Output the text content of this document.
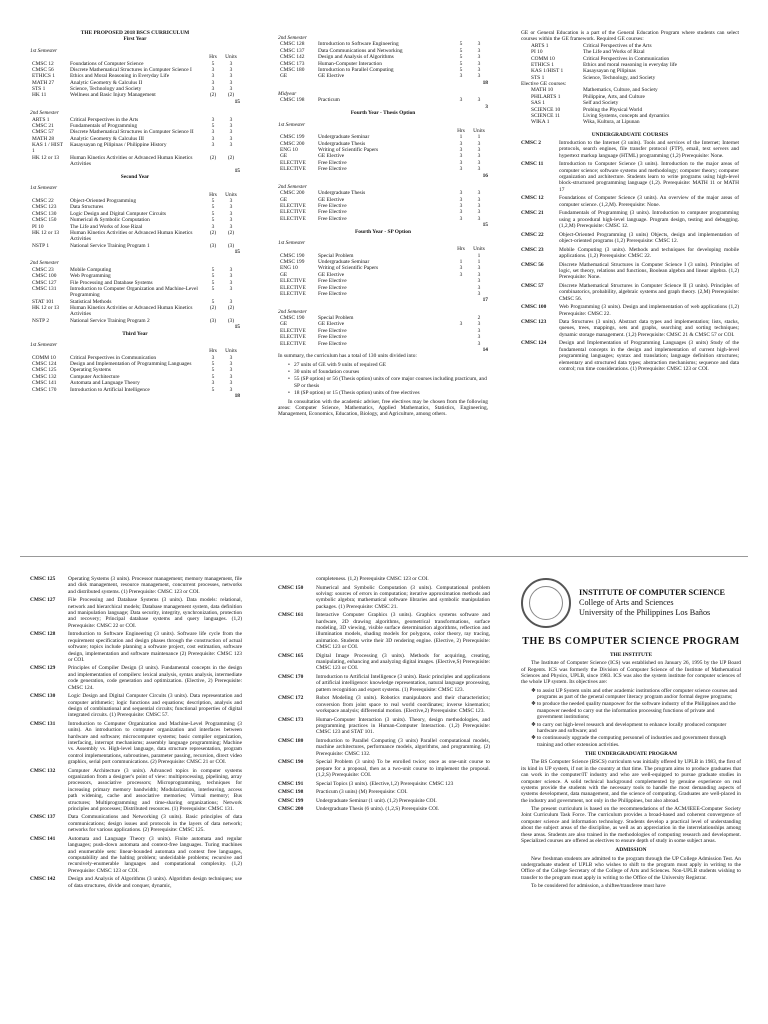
THE PROPOSED 2018 BSCS CURRICULUM
First Year
1st Semester
		Hrs	Units
CMSC 12	Foundations of Computer Science	5	3
CMSC 56	Discrete Mathematical Structures in Computer Science I	3	3
ETHICS 1	Ethics and Moral Reasoning in Everyday Life	3	3
MATH 27	Analytic Geometry & Calculus II	3	3
STS 1	Science, Technology and Society	3	3
HK 11	Wellness and Basic Injury Management	(2)	(2)
15
2nd Semester
ARTS 1	Critical Perspectives in the Arts	3	3
CMSC 21	Fundamentals of Programming	5	3
CMSC 57	Discrete Mathematical Structures in Computer Science II	3	3
MATH 28	Analytic Geometry & Calculus III	3	3
KAS 1 / HIST 1	Kasaysayan ng Pilipinas / Philippine History	3	3
HK 12 or 13	Human Kinetics Activities or Advanced Human Kinetics Activities	(2)	(2)
15
Second Year
1st Semester
		Hrs	Units
CMSC 22	Object-Oriented Programming	5	3
CMSC 123	Data Structures	5	3
CMSC 130	Logic Design and Digital Computer Circuits	5	3
CMSC 150	Numerical & Symbolic Computation	5	3
PI 10	The Life and Works of Jose Rizal	3	3
HK 12 or 13	Human Kinetics Activities or Advanced Human Kinetics Activities	(2)	(2)
NSTP 1	National Service Training Program 1	(3)	(3)
15
2nd Semester
CMSC 23	Mobile Computing	5	3
CMSC 100	Web Programming	5	3
CMSC 127	File Processing and Database Systems	5	3
CMSC 131	Introduction to Computer Organization and Machine-Level Programming	5	3
STAT 101	Statistical Methods	5	3
HK 12 or 13	Human Kinetics Activities or Advanced Human Kinetics Activities	(2)	(2)
NSTP 2	National Service Training Program 2	(3)	(3)
15
Third Year
1st Semester
		Hrs	Units
COMM 10	Critical Perspectives in Communication	3	3
CMSC 124	Design and Implementation of Programming Languages	5	3
CMSC 125	Operating Systems	5	3
CMSC 132	Computer Architecture	5	3
CMSC 141	Automata and Language Theory	3	3
CMSC 170	Introduction to Artificial Intelligence	5	3
18
2nd Semester
CMSC 128	Introduction to Software Engineering	5	3
CMSC 137	Data Communications and Networking	5	3
CMSC 142	Design and Analysis of Algorithms	5	3
CMSC 173	Human-Computer Interaction	5	3
CMSC 180	Introduction to Parallel Computing	5	3
GE	GE Elective	3	3
18
Midyear
CMSC 198	Practicum	3	3
3
Fourth Year - Thesis Option
1st Semester
		Hrs	Units
CMSC 199	Undergraduate Seminar	1	1
CMSC 200	Undergraduate Thesis	3	3
ENG 10	Writing of Scientific Papers	3	3
GE	GE Elective	3	3
ELECTIVE	Free Elective	3	3
ELECTIVE	Free Elective	3	3
16
2nd Semester
CMSC 200	Undergraduate Thesis	3	3
GE	GE Elective	3	3
ELECTIVE	Free Elective	3	3
ELECTIVE	Free Elective	3	3
ELECTIVE	Free Elective	3	3
15
Fourth Year - SP Option
1st Semester
		Hrs	Units
CMSC 190	Special Problem		1
CMSC 199	Undergraduate Seminar	1	1
ENG 10	Writing of Scientific Papers	3	3
GE	GE Elective	3	3
ELECTIVE	Free Elective		3
ELECTIVE	Free Elective		3
ELECTIVE	Free Elective		3
17
2nd Semester
CMSC 190	Special Problem		2
GE	GE Elective	3	3
ELECTIVE	Free Elective		3
ELECTIVE	Free Elective		3
ELECTIVE	Free Elective		3
14
In summary, the curriculum has a total of 130 units divided into:
• 27 units of GE with 9 units of required GE
• 30 units of foundation courses
• 55 (SP option) or 56 (Thesis option) units of core major courses including practicum, and SP or thesis
• 18 (SP option) or 15 (Thesis option) units of free electives

In consultation with the academic adviser, free electives may be chosen from the following areas: Computer Science, Mathematics, Applied Mathematics, Statistics, Engineering, Management, Economics, Education, Biology, and Agriculture, among others.

GE or General Education is a part of the General Education Program where students can select courses within the GE framework. Required GE courses:
ARTS 1	Critical Perspectives of the Arts
PI 10	The Life and Works of Rizal
COMM 10	Critical Perspectives in Communication
ETHICS 1	Ethics and moral reasoning in everyday life
KAS 1/HIST 1	Kasaysayan ng Pilipinas
STS 1	Science, Technology, and Society
Elective GE courses:
MATH 10	Mathematics, Culture, and Society
PHILARTS 1	Philippine, Arts, and Culture
SAS 1	Self and Society
SCIENCE 10	Probing the Physical World
SCIENCE 11	Living Systems, concepts and dynamics
WIKA 1	Wika, Kultura, at Lipunan
UNDERGRADUATE COURSES
CMSC 2	Introduction to the Internet (3 units). Tools and services of the Internet; Internet protocols, search engines, file transfer protocol (FTP), email, text servers and hypertext markup language (HTML) programming (1,2) Prerequisite: None.
CMSC 11	Introduction to Computer Science (3 units). Introduction to the major areas of computer science; software systems and methodology; computer theory; computer organization and architecture. Students learn to write programs using high-level block-structured programming language (1,2). Prerequisite: MATH 11 or MATH 17
CMSC 12	Foundations of Computer Science (3 units). An overview of the major areas of computer science. (1,2,M). Prerequisite: None.
CMSC 21	Fundamentals of Programming (3 units). Introduction to computer programming using a procedural high-level language. Program design, testing and debugging. (1,2,M) Prerequisite: CMSC 12.
CMSC 22	Object-Oriented Programming (3 units) Objects, design and implementation of object-oriented programs (1,2) Prerequisite: CMSC 12.
CMSC 23	Mobile Computing (3 units). Methods and techniques for developing mobile applications. (1,2) Prerequisite: CMSC 22.
CMSC 56	Discrete Mathematical Structures in Computer Science I (3 units). Principles of logic, set theory, relations and functions, Boolean algebra and linear algebra. (1,2) Prerequisite: None.
CMSC 57	Discrete Mathematical Structures in Computer Science II (3 units). Principles of combinatorics, probability, algebraic systems and graph theory. (2,M) Prerequisite: CMSC 56.
CMSC 100	Web Programming (3 units). Design and implementation of web applications (1,2) Prerequisite: CMSC 22.
CMSC 123	Data Structures (3 units). Abstract data types and implementation; lists, stacks, queues, trees, mappings, sets and graphs, searching and sorting techniques; dynamic storage management. (1,2) Prerequisite: CMSC 21 & CMSC 57 or COI.
CMSC 124	Design and Implementation of Programming Languages (3 units) Study of the fundamental concepts in the design and implementation of current high-level programming languages; syntax and translation; language definition structures; elementary and structured data types; abstraction mechanisms; sequence and data control; run time considerations. (1) Prerequisite: CMSC 123 or COI.
CMSC 125	Operating Systems (3 units). Processor management; memory management, file and disk management, resource management, concurrent processes, networks and distributed systems. (1) Prerequisite: CMSC 123 or COI.
CMSC 127	File Processing and Database Systems (3 units). Data models: relational, network and hierarchical models; Database management system, data definition and manipulation language; Data security, integrity, synchronization, protection and recovery; Principal database systems and query languages. (1,2) Prerequisite: CMSC 22 or COI.
CMSC 128	Introduction to Software Engineering (3 units). Software life cycle from the requirement specification and design phases through the construction of actual software; topics include planning a software project, cost estimation, software design, implementation and software maintenance (2) Prerequisite: CMSC 123 or COI.
CMSC 129	Principles of Compiler Design (3 units). Fundamental concepts in the design and implementation of compilers: lexical analysis, syntax analysis, intermediate code generation, code generation and optimization. (Elective, 2) Prerequisite: CMSC 124.
CMSC 130	Logic Design and Digital Computer Circuits (3 units). Data representation and computer arithmetic; logic functions and equations; description, analysis and design of combinational and sequential circuits; functional properties of digital integrated circuits. (1) Prerequisite: CMSC 57.
CMSC 131	Introduction to Computer Organization and Machine-Level Programming (3 units). An introduction to computer organization and interfaces between hardware and software; microcomputer systems; basic compiler organization, interfacing, interrupt mechanisms; assembly language programming; Machine vs. Assembly vs. High-level language, data structure representation, program control implementations, subroutines, parameter passing, recursion, direct video graphics, serial port communications. (2) Prerequisite: CMSC 21 or COI.
CMSC 132	Computer Architecture (3 units). Advanced topics in computer systems organization from a designer's point of view: multiprocessing, pipelining, array processors, associative processors; Microprogramming, techniques for increasing primary memory bandwidth; Modularization, interleaving, access path widening, cache and associative memories; Virtual memory; Bus structures; Multiprogramming and time-sharing organizations; Network principles and processes; Distributed resources. (1) Prerequisite: CMSC 131.
CMSC 137	Data Communications and Networking (3 units). Basic principles of data communications; design issues and protocols in the layers of data network; networks for various applications. (2) Prerequisite: CMSC 125.
CMSC 141	Automata and Language Theory (3 units). Finite automata and regular languages; push-down automata and context-free languages. Turing machines and enumerable sets: linear-bounded automata and context free languages, computability and the halting problem; undecidable problems; recursive and recursively-enumerable languages and computational complexity. (1,2) Prerequisite: CMSC 123 or COI.
CMSC 142	Design and Analysis of Algorithms (3 units). Algorithm design techniques; use of data structures, divide and conquer, dynamic,
completeness. (1,2) Prerequisite CMSC 123 or COI.
CMSC 150	Numerical and Symbolic Computation (3 units). Computational problem solving: sources of errors in computation; iterative approximation methods and symbolic algebra; mathematical software libraries and symbolic manipulation packages. (1) Prerequisite: CMSC 21.
CMSC 161	Interactive Computer Graphics (3 units). Graphics systems software and hardware, 2D drawing algorithms, geometrical transformations, surface modeling, 3D viewing, visible surface determination algorithms, reflection and illumination models, shading models for polygons, color theory, ray tracing, animation. Students write their 3D rendering engine. (Elective, 2) Prerequisite: CMSC 123 or COI.
CMSC 165	Digital Image Processing (3 units). Methods for acquiring, creating, manipulating, enhancing and analyzing digital images. (Elective,S) Prerequisite: CMSC 123 or COI.
CMSC 170	Introduction to Artificial Intelligence (3 units). Basic principles and applications of artificial intelligence: knowledge representation, natural language processing, pattern recognition and expert systems. (1) Prerequisite: CMSC 123.
CMSC 172	Robot Modeling (3 units). Robotics manipulators and their characteristics; conversion from joint space to real world coordinates; inverse kinematics; workspace analysis; differential motion. (Elective,2) Prerequisite: CMSC 123.
CMSC 173	Human-Computer Interaction (3 units). Theory, design methodologies, and programming practices in Human-Computer Interaction. (1,2) Prerequisite: CMSC 123 and STAT 101.
CMSC 180	Introduction to Parallel Computing (3 units) Parallel computational models, machine architectures, performance models, algorithms, and programming. (2) Prerequisite: CMSC 132.
CMSC 190	Special Problem (3 units) To be enrolled twice; once as one-unit course to prepare for a proposal, then as a two-unit course to implement the proposal. (1,2,S) Prerequisite: COI.
CMSC 191	Special Topics (3 units). (Elective,1,2) Prerequisite: CMSC 123
CMSC 198	Practicum (3 units) (M) Prerequisite: COI.
CMSC 199	Undergraduate Seminar (1 unit). (1,2) Prerequisite COI.
CMSC 200	Undergraduate Thesis (6 units). (1,2,S) Prerequisite COI.
INSTITUTE OF COMPUTER SCIENCE
College of Arts and Sciences
University of the Philippines Los Baños
THE BS COMPUTER SCIENCE PROGRAM
THE INSTITUTE

The Institute of Computer Science (ICS) was established on January 26, 1995 by the UP Board of Regents. ICS was formerly the Division of Computer Science of the Institute of Mathematical Sciences and Physics, UPLB, since 1983. ICS was also the system institute for computer sciences of the whole UP system. Its objectives are:

❖ to assist UP System units and other academic institutions offer computer science courses and programs as part of the general computer literacy program and/or formal degree programs;
❖ to produce the needed quality manpower for the software industry of the Philippines and the manpower needed to carry out the information processing functions of private and government institutions;
❖ to carry out high-level research and development to enhance locally produced computer hardware and software; and
❖ to continuously upgrade the computing personnel of industries and government through training and other extension activities.
THE UNDERGRADUATE PROGRAM

The BS Computer Science (BSCS) curriculum was initially offered by UPLB in 1983, the first of its kind in UP system, if not in the country at that time. The program aims to produce graduates that can work in the computer/IT industry and who are well-equipped to pursue graduate studies in computer science. A solid technical background complemented by genuine experience on real systems provide the students with the necessary tools to handle the most demanding aspects of systems development, data management, and the science of computing. Graduates are well-placed in the industry and government, not only in the Philippines, but also abroad.

The present curriculum is based on the recommendations of the ACM/IEEE-Computer Society Joint Curriculum Task Force. The curriculum provides a broad-based and coherent convergence of computer science and information technology. Students develop a practical level of understanding about the subject areas of the discipline, as well as an appreciation in the interrelationships among these areas. Students are also trained in the methodologies of computing research and development. Specialized courses are offered as electives to ensure depth of study in some subject areas.

ADMISSION

New freshman students are admitted to the program through the UP College Admission Test. An undergraduate student of UPLB who wishes to shift to the program must apply in writing to the Office of the College Secretary of the College of Arts and Sciences. Non-UPLB students wishing to transfer to the program must apply in writing to the Office of the University Registrar.

To be considered for admission, a shiftee/transferee must have
